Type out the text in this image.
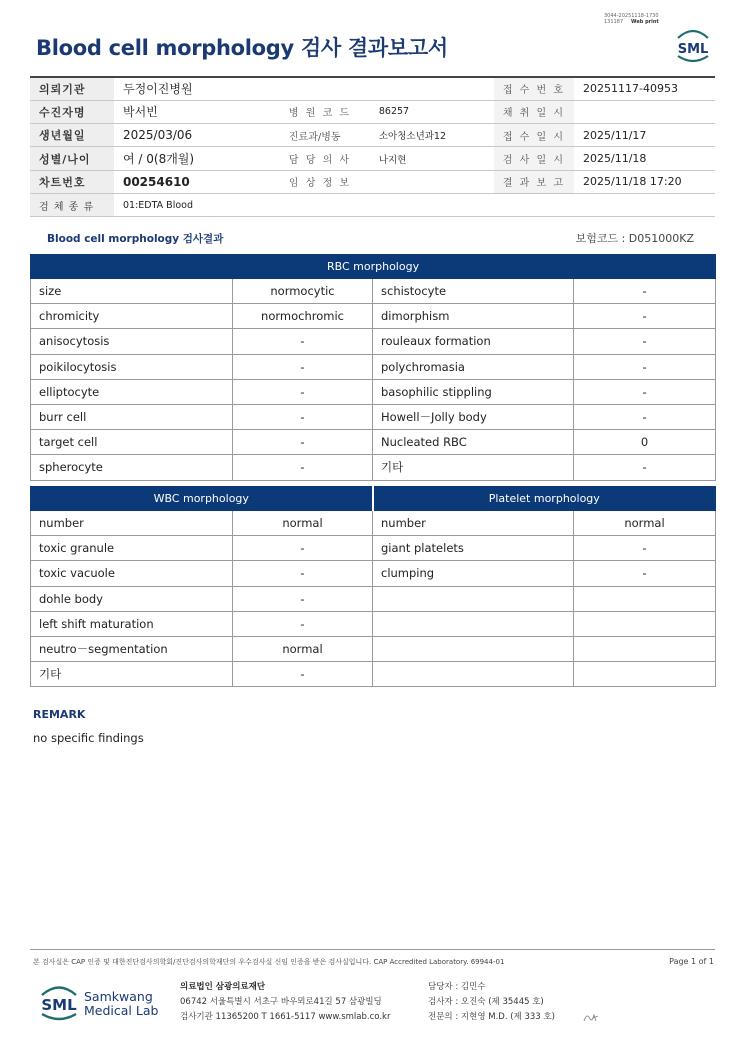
3044-20251118-1730
131187 Web print
Blood cell morphology 검사 결과보고서	SML
의뢰기관	두정이진병원			접 수 번 호	20251117-40953
수진자명	박서빈	병 원 코 드	86257	채 취 일 시	
생년월일	2025/03/06	진료과/병동	소아청소년과12	접 수 일 시	2025/11/17
성별/나이	여 / 0(8개월)	담 당 의 사	나지현	검 사 일 시	2025/11/18
차트번호	00254610	임 상 정 보		결 과 보 고	2025/11/18 17:20
검 체 종 류	01:EDTA Blood				
Blood cell morphology 검사결과	보험코드 : D051000KZ
RBC morphology			
size	normocytic	schistocyte	-
chromicity	normochromic	dimorphism	-
anisocytosis	-	rouleaux formation	-
poikilocytosis	-	polychromasia	-
elliptocyte	-	basophilic stippling	-
burr cell	-	Howell－Jolly body	-
target cell	-	Nucleated RBC	0
spherocyte	-	기타	-
WBC morphology		Platelet morphology	
number	normal	number	normal
toxic granule	-	giant platelets	-
toxic vacuole	-	clumping	-
dohle body	-		
left shift maturation	-		
neutro－segmentation	normal		
기타	-		
REMARK
no specific findings
본 검사실은 CAP 인증 및 대한진단검사의학회/진단검사의학재단의 우수검사실 신임 인증을 받은 검사실입니다. CAP Accredited Laboratory. 69944-01	Page 1 of 1
SML Samkwang
Medical Lab
의료법인 삼광의료재단
06742 서울특별시 서초구 바우뫼로41길 57 삼광빌딩
검사기관 11365200 T 1661-5117 www.smlab.co.kr
담당자 : 김민수
검사자 : 오진숙 (제 35445 호)
전문의 : 지현영 M.D. (제 333 호)
